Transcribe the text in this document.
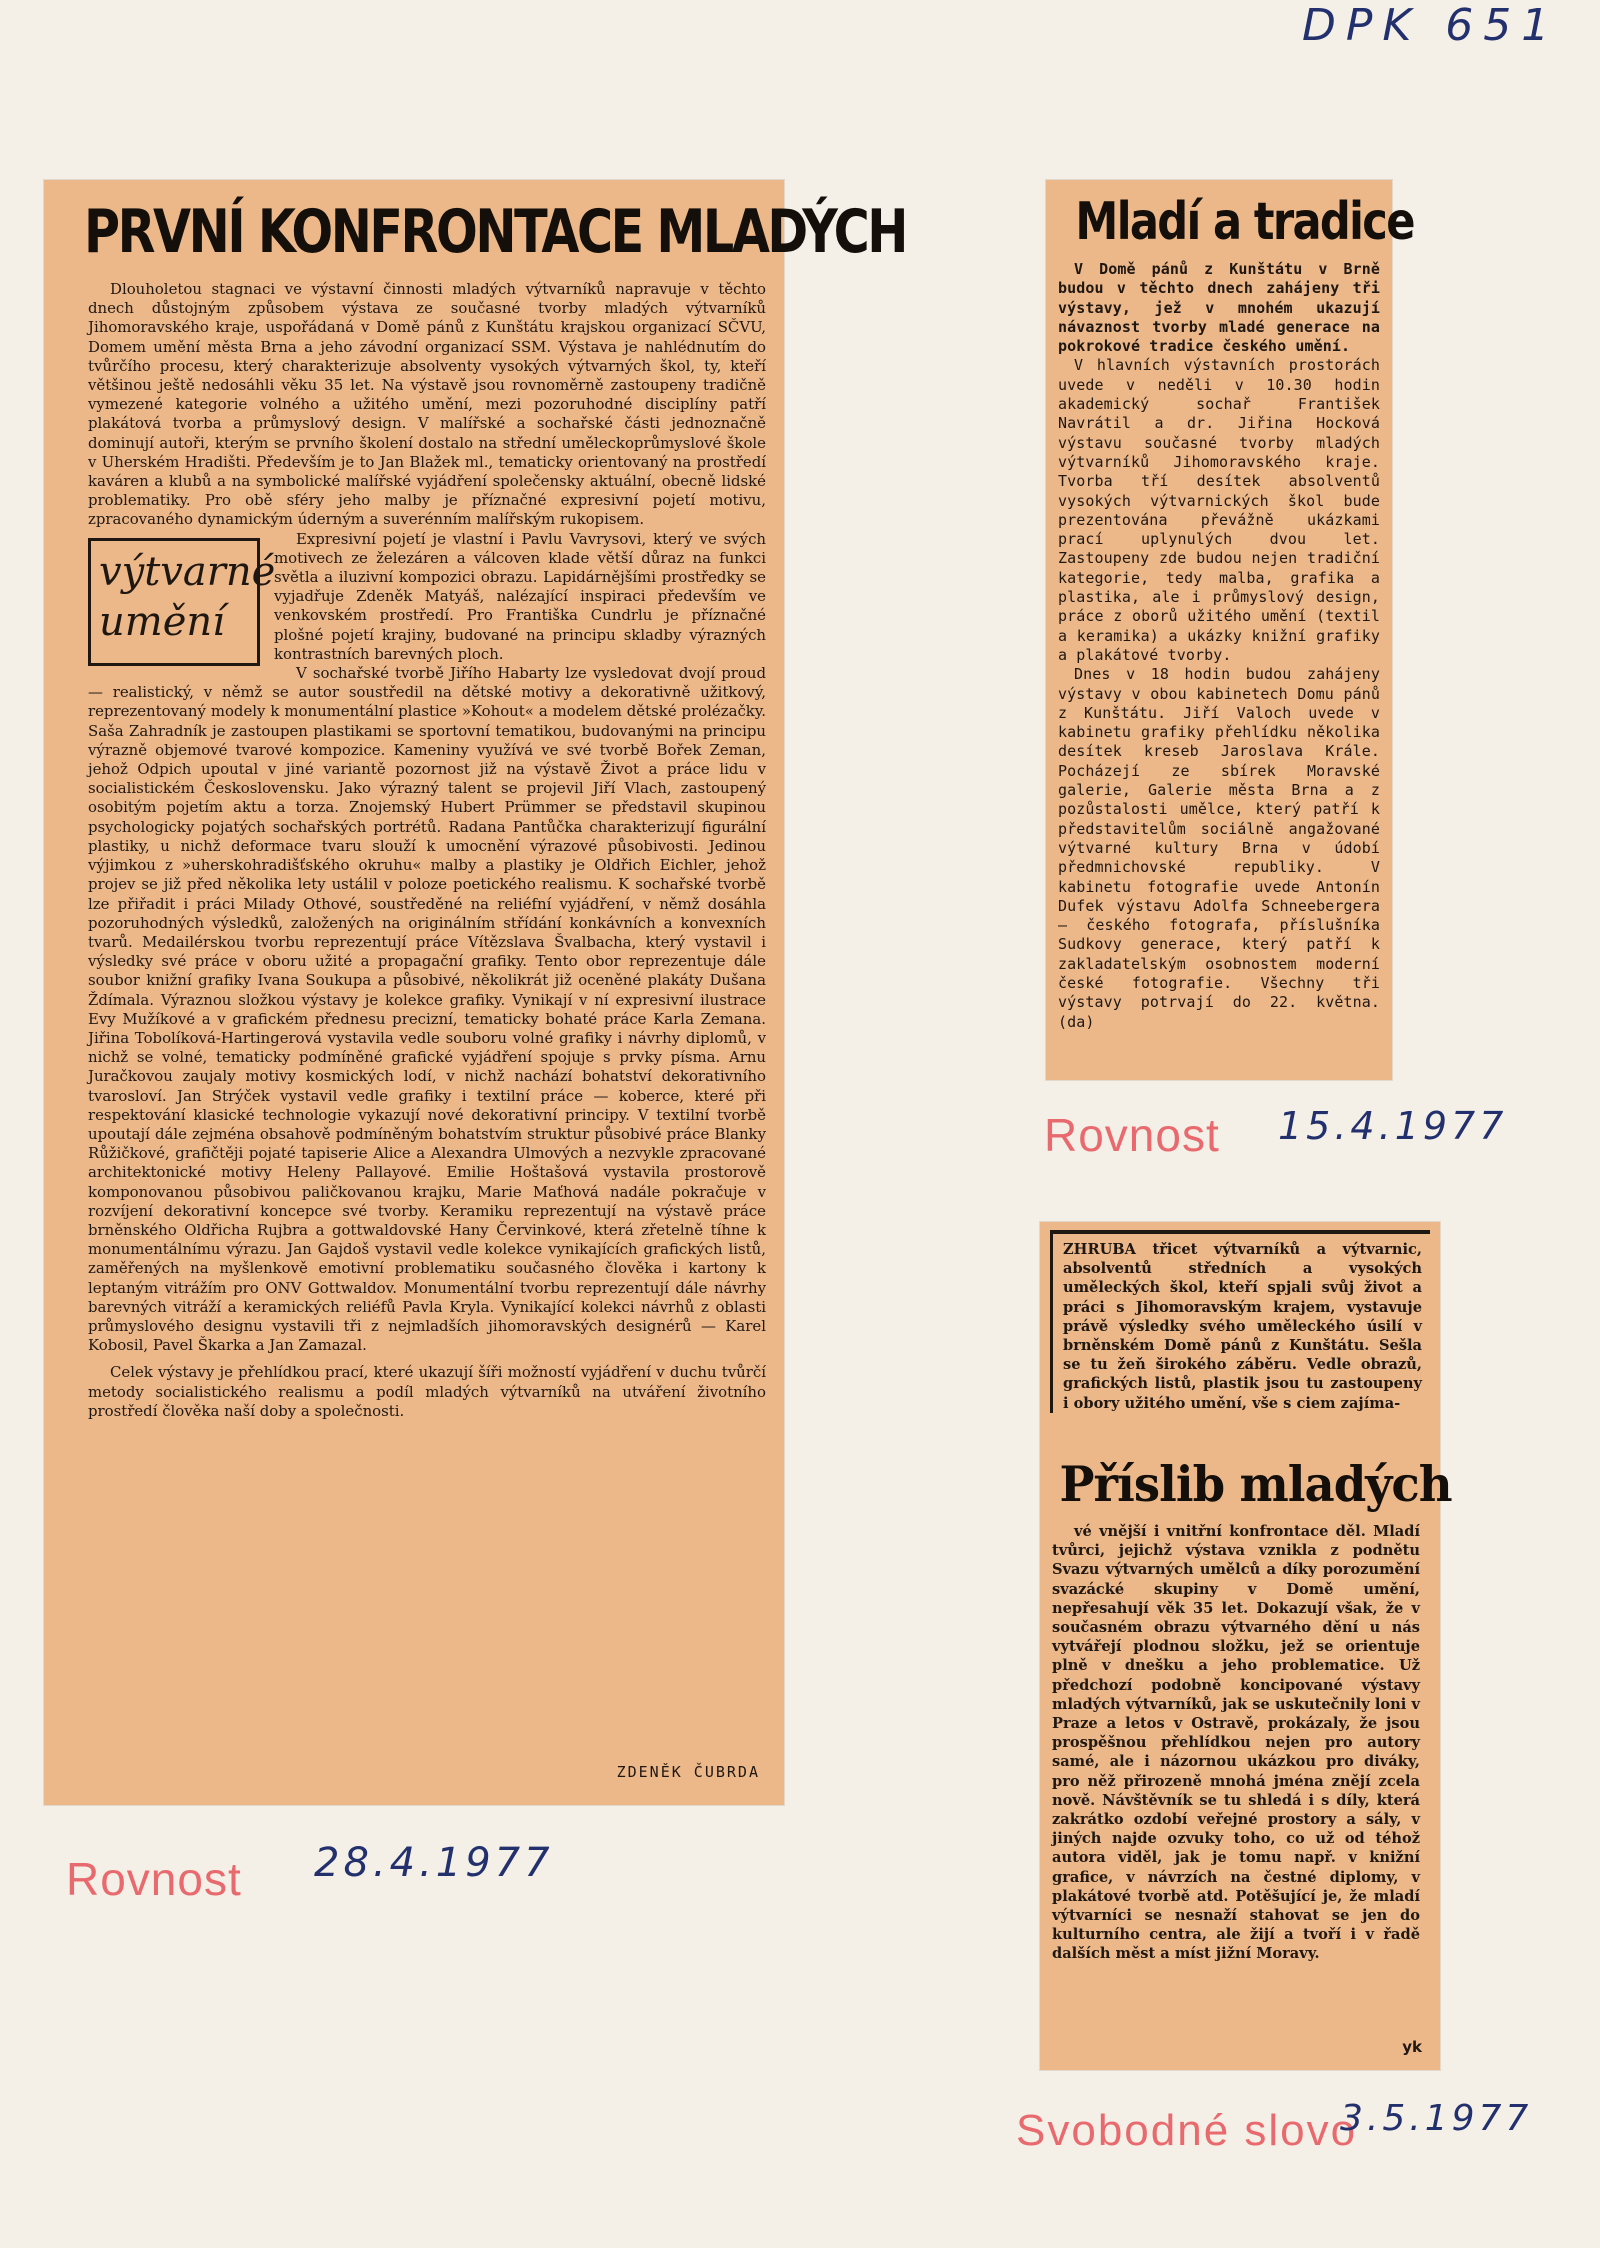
DPK 651
PRVNÍ KONFRONTACE MLADÝCH

Dlouholetou stagnaci ve výstavní činnosti mladých výtvarníků napravuje v těchto dnech důstojným způsobem výstava ze současné tvorby mladých výtvarníků Jihomoravského kraje, uspořádaná v Domě pánů z Kunštátu krajskou organizací SČVU, Domem umění města Brna a jeho závodní organizací SSM. Výstava je nahlédnutím do tvůrčího procesu, který charakterizuje absolventy vysokých výtvarných škol, ty, kteří většinou ještě nedosáhli věku 35 let. Na výstavě jsou rovnoměrně zastoupeny tradičně vymezené kategorie volného a užitého umění, mezi pozoruhodné disciplíny patří plakátová tvorba a průmyslový design. V malířské a sochařské části jednoznačně dominují autoři, kterým se prvního školení dostalo na střední uměleckoprůmyslové škole v Uherském Hradišti. Především je to Jan Blažek ml., tematicky orientovaný na prostředí kaváren a klubů a na symbolické malířské vyjádření společensky aktuální, obecně lidské problematiky. Pro obě sféry jeho malby je příznačné expresivní pojetí motivu, zpracovaného dynamickým úderným a suverénním malířským rukopisem.

výtvarné
umění

Expresivní pojetí je vlastní i Pavlu Vavrysovi, který ve svých motivech ze železáren a válcoven klade větší důraz na funkci světla a iluzivní kompozici obrazu. Lapidárnějšími prostředky se vyjadřuje Zdeněk Matyáš, nalézající inspiraci především ve venkovském prostředí. Pro Františka Cundrlu je příznačné plošné pojetí krajiny, budované na principu skladby výrazných kontrastních barevných ploch.

V sochařské tvorbě Jiřího Habarty lze vysledovat dvojí proud — realistický, v němž se autor soustředil na dětské motivy a dekorativně užitkový, reprezentovaný modely k monumentální plastice »Kohout« a modelem dětské prolézačky. Saša Zahradník je zastoupen plastikami se sportovní tematikou, budovanými na principu výrazně objemové tvarové kompozice. Kameniny využívá ve své tvorbě Bořek Zeman, jehož Odpich upoutal v jiné variantě pozornost již na výstavě Život a práce lidu v socialistickém Československu. Jako výrazný talent se projevil Jiří Vlach, zastoupený osobitým pojetím aktu a torza. Znojemský Hubert Prümmer se představil skupinou psychologicky pojatých sochařských portrétů. Radana Pantůčka charakterizují figurální plastiky, u nichž deformace tvaru slouží k umocnění výrazové působivosti. Jedinou výjimkou z »uherskohradišťského okruhu« malby a plastiky je Oldřich Eichler, jehož projev se již před několika lety ustálil v poloze poetického realismu. K sochařské tvorbě lze přiřadit i práci Milady Othové, soustředěné na reliéfní vyjádření, v němž dosáhla pozoruhodných výsledků, založených na originálním střídání konkávních a konvexních tvarů. Medailérskou tvorbu reprezentují práce Vítězslava Švalbacha, který vystavil i výsledky své práce v oboru užité a propagační grafiky. Tento obor reprezentuje dále soubor knižní grafiky Ivana Soukupa a působivé, několikrát již oceněné plakáty Dušana Ždímala. Výraznou složkou výstavy je kolekce grafiky. Vynikají v ní expresivní ilustrace Evy Mužíkové a v grafickém přednesu precizní, tematicky bohaté práce Karla Zemana. Jiřina Tobolíková-Hartingerová vystavila vedle souboru volné grafiky i návrhy diplomů, v nichž se volné, tematicky podmíněné grafické vyjádření spojuje s prvky písma. Arnu Juračkovou zaujaly motivy kosmických lodí, v nichž nachází bohatství dekorativního tvarosloví. Jan Strýček vystavil vedle grafiky i textilní práce — koberce, které při respektování klasické technologie vykazují nové dekorativní principy. V textilní tvorbě upoutají dále zejména obsahově podmíněným bohatstvím struktur působivé práce Blanky Růžičkové, grafičtěji pojaté tapiserie Alice a Alexandra Ulmových a nezvykle zpracované architektonické motivy Heleny Pallayové. Emilie Hoštašová vystavila prostorově komponovanou působivou paličkovanou krajku, Marie Maťhová nadále pokračuje v rozvíjení dekorativní koncepce své tvorby. Keramiku reprezentují na výstavě práce brněnského Oldřicha Rujbra a gottwaldovské Hany Červinkové, která zřetelně tíhne k monumentálnímu výrazu. Jan Gajdoš vystavil vedle kolekce vynikajících grafických listů, zaměřených na myšlenkově emotivní problematiku současného člověka i kartony k leptaným vitrážím pro ONV Gottwaldov. Monumentální tvorbu reprezentují dále návrhy barevných vitráží a keramických reliéfů Pavla Kryla. Vynikající kolekci návrhů z oblasti průmyslového designu vystavili tři z nejmladších jihomoravských designérů — Karel Kobosil, Pavel Škarka a Jan Zamazal.

Celek výstavy je přehlídkou prací, které ukazují šíři možností vyjádření v duchu tvůrčí metody socialistického realismu a podíl mladých výtvarníků na utváření životního prostředí člověka naší doby a společnosti.

ZDENĚK ČUBRDA
Rovnost 28.4.1977
Mladí a tradice

V Domě pánů z Kunštátu v Brně budou v těchto dnech zahájeny tři výstavy, jež v mnohém ukazují návaznost tvorby mladé generace na pokrokové tradice českého umění.

V hlavních výstavních prostorách uvede v neděli v 10.30 hodin akademický sochař František Navrátil a dr. Jiřina Hocková výstavu současné tvorby mladých výtvarníků Jihomoravského kraje. Tvorba tří desítek absolventů vysokých výtvarnických škol bude prezentována převážně ukázkami prací uplynulých dvou let. Zastoupeny zde budou nejen tradiční kategorie, tedy malba, grafika a plastika, ale i průmyslový design, práce z oborů užitého umění (textil a keramika) a ukázky knižní grafiky a plakátové tvorby.

Dnes v 18 hodin budou zahájeny výstavy v obou kabinetech Domu pánů z Kunštátu. Jiří Valoch uvede v kabinetu grafiky přehlídku několika desítek kreseb Jaroslava Krále. Pocházejí ze sbírek Moravské galerie, Galerie města Brna a z pozůstalosti umělce, který patří k představitelům sociálně angažované výtvarné kultury Brna v údobí předmnichovské republiky. V kabinetu fotografie uvede Antonín Dufek výstavu Adolfa Schneebergera — českého fotografa, příslušníka Sudkovy generace, který patří k zakladatelským osobnostem moderní české fotografie. Všechny tři výstavy potrvají do 22. května. (da)

Rovnost 15.4.1977

ZHRUBA třicet výtvarníků a výtvarnic, absolventů středních a vysokých uměleckých škol, kteří spjali svůj život a práci s Jihomoravským krajem, vystavuje právě výsledky svého uměleckého úsilí v brněnském Domě pánů z Kunštátu. Sešla se tu žeň širokého záběru. Vedle obrazů, grafických listů, plastik jsou tu zastoupeny i obory užitého umění, vše s ciem zajíma-

Příslib mladých

vé vnější i vnitřní konfrontace děl. Mladí tvůrci, jejichž výstava vznikla z podnětu Svazu výtvarných umělců a díky porozumění svazácké skupiny v Domě umění, nepřesahují věk 35 let. Dokazují však, že v současném obrazu výtvarného dění u nás vytvářejí plodnou složku, jež se orientuje plně v dnešku a jeho problematice. Už předchozí podobně koncipované výstavy mladých výtvarníků, jak se uskutečnily loni v Praze a letos v Ostravě, prokázaly, že jsou prospěšnou přehlídkou nejen pro autory samé, ale i názornou ukázkou pro diváky, pro něž přirozeně mnohá jména znějí zcela nově. Návštěvník se tu shledá i s díly, která zakrátko ozdobí veřejné prostory a sály, v jiných najde ozvuky toho, co už od téhož autora viděl, jak je tomu např. v knižní grafice, v návrzích na čestné diplomy, v plakátové tvorbě atd. Potěšující je, že mladí výtvarníci se nesnaží stahovat se jen do kulturního centra, ale žijí a tvoří i v řadě dalších měst a míst jižní Moravy.

yk
Svobodné slovo
3.5.1977
